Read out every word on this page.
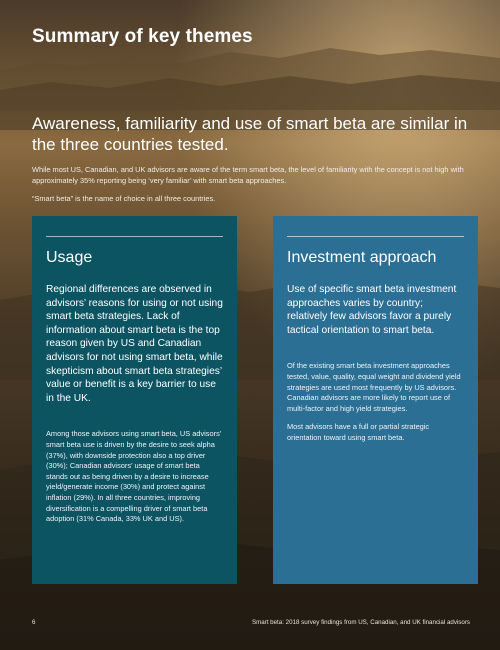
Summary of key themes
Awareness, familiarity and use of smart beta are similar in the three countries tested.

While most US, Canadian, and UK advisors are aware of the term smart beta, the level of familiarity with the concept is not high with approximately 35% reporting being ‘very familiar’ with smart beta approaches.

“Smart beta” is the name of choice in all three countries.

Usage

Regional differences are observed in advisors’ reasons for using or not using smart beta strategies. Lack of information about smart beta is the top reason given by US and Canadian advisors for not using smart beta, while skepticism about smart beta strategies’ value or benefit is a key barrier to use in the UK.

Among those advisors using smart beta, US advisors’ smart beta use is driven by the desire to seek alpha (37%), with downside protection also a top driver (30%); Canadian advisors’ usage of smart beta stands out as being driven by a desire to increase yield/generate income (30%) and protect against inflation (29%). In all three countries, improving diversification is a compelling driver of smart beta adoption (31% Canada, 33% UK and US).

Investment approach

Use of specific smart beta investment approaches varies by country; relatively few advisors favor a purely tactical orientation to smart beta.

Of the existing smart beta investment approaches tested, value, quality, equal weight and dividend yield strategies are used most frequently by US advisors. Canadian advisors are more likely to report use of multi-factor and high yield strategies.

Most advisors have a full or partial strategic orientation toward using smart beta.

6	Smart beta: 2018 survey findings from US, Canadian, and UK financial advisors
